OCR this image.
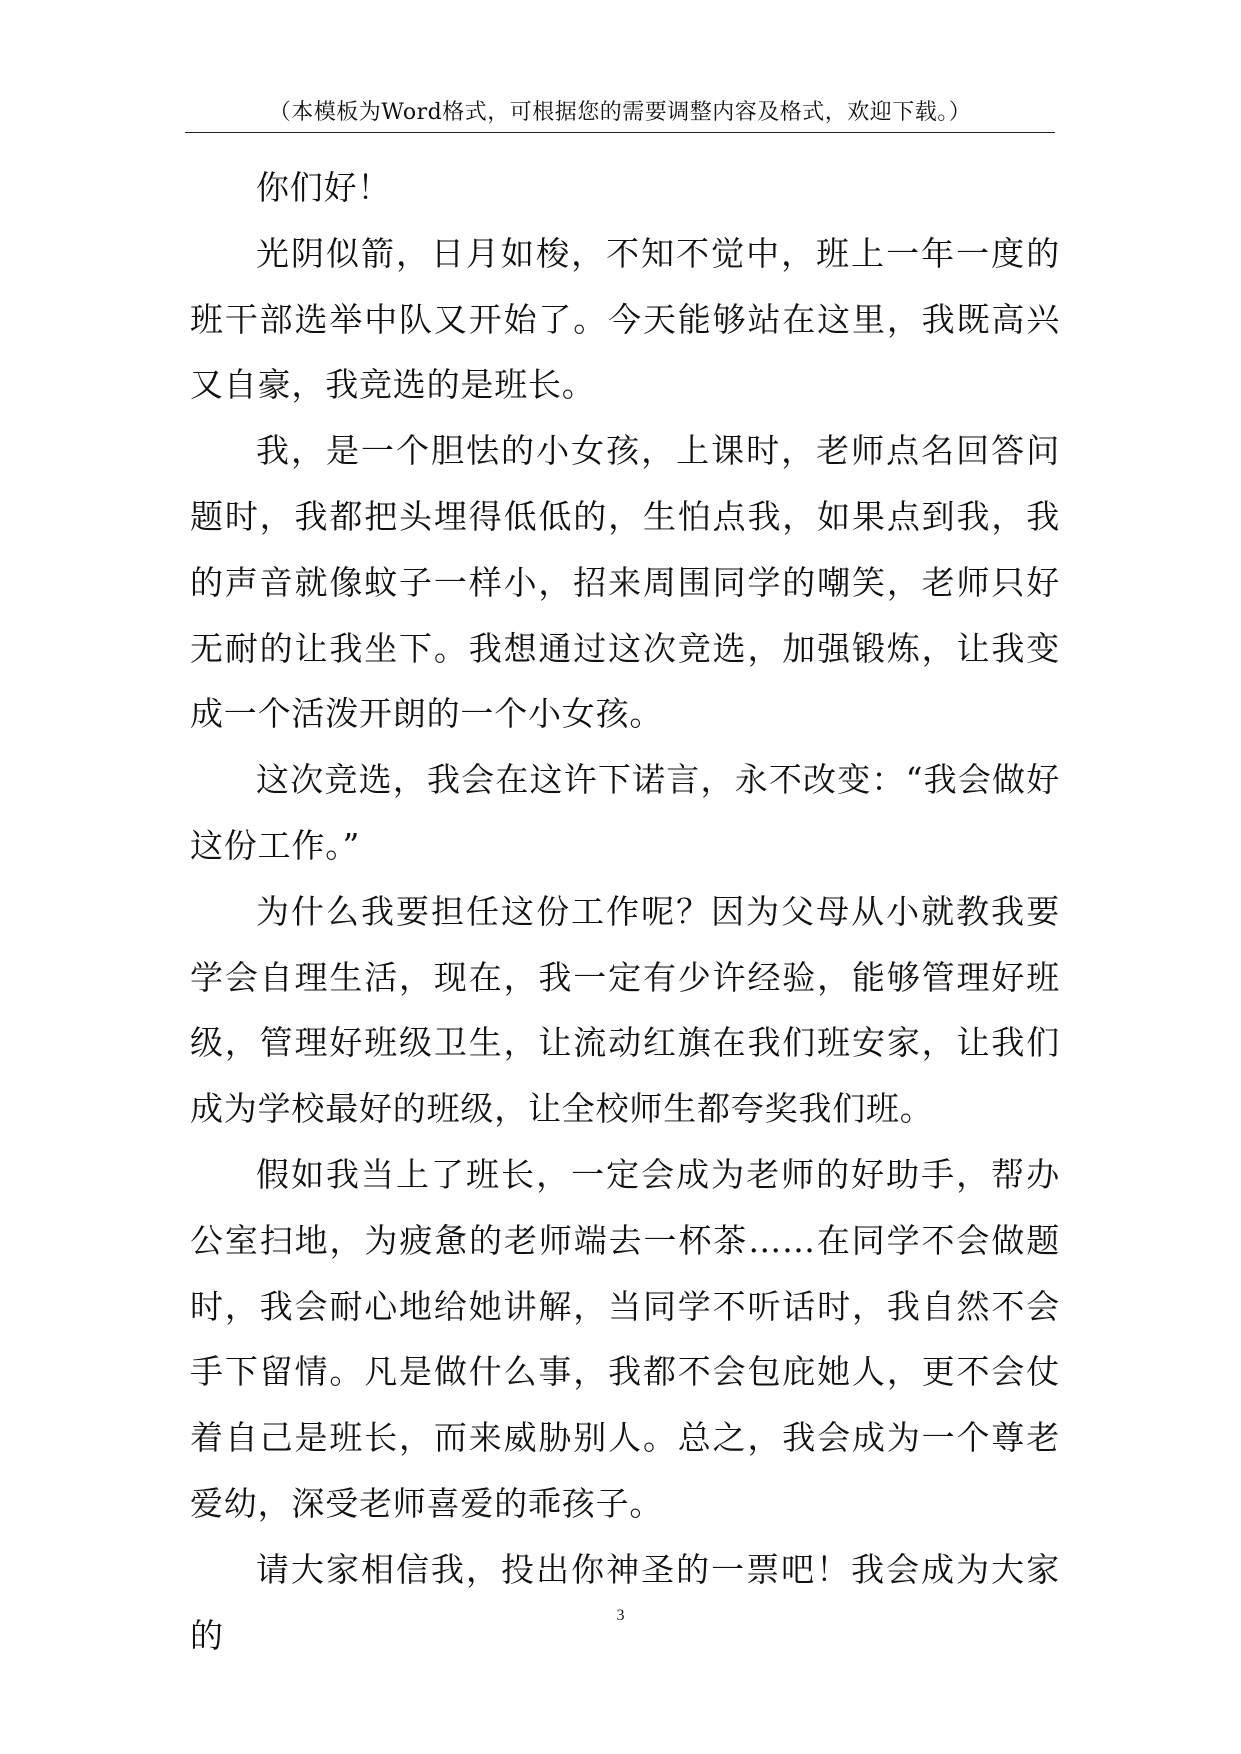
（本模板为Word格式，可根据您的需要调整内容及格式，欢迎下载。）

你们好！

光阴似箭，日月如梭，不知不觉中，班上一年一度的班干部选举中队又开始了。今天能够站在这里，我既高兴又自豪，我竞选的是班长。

我，是一个胆怯的小女孩，上课时，老师点名回答问题时，我都把头埋得低低的，生怕点我，如果点到我，我的声音就像蚊子一样小，招来周围同学的嘲笑，老师只好无耐的让我坐下。我想通过这次竞选，加强锻炼，让我变成一个活泼开朗的一个小女孩。

这次竞选，我会在这许下诺言，永不改变：“我会做好这份工作。”

为什么我要担任这份工作呢？因为父母从小就教我要学会自理生活，现在，我一定有少许经验，能够管理好班级，管理好班级卫生，让流动红旗在我们班安家，让我们成为学校最好的班级，让全校师生都夸奖我们班。

假如我当上了班长，一定会成为老师的好助手，帮办公室扫地，为疲惫的老师端去一杯茶……在同学不会做题时，我会耐心地给她讲解，当同学不听话时，我自然不会手下留情。凡是做什么事，我都不会包庇她人，更不会仗着自己是班长，而来威胁别人。总之，我会成为一个尊老爱幼，深受老师喜爱的乖孩子。

请大家相信我，投出你神圣的一票吧！我会成为大家的

3
